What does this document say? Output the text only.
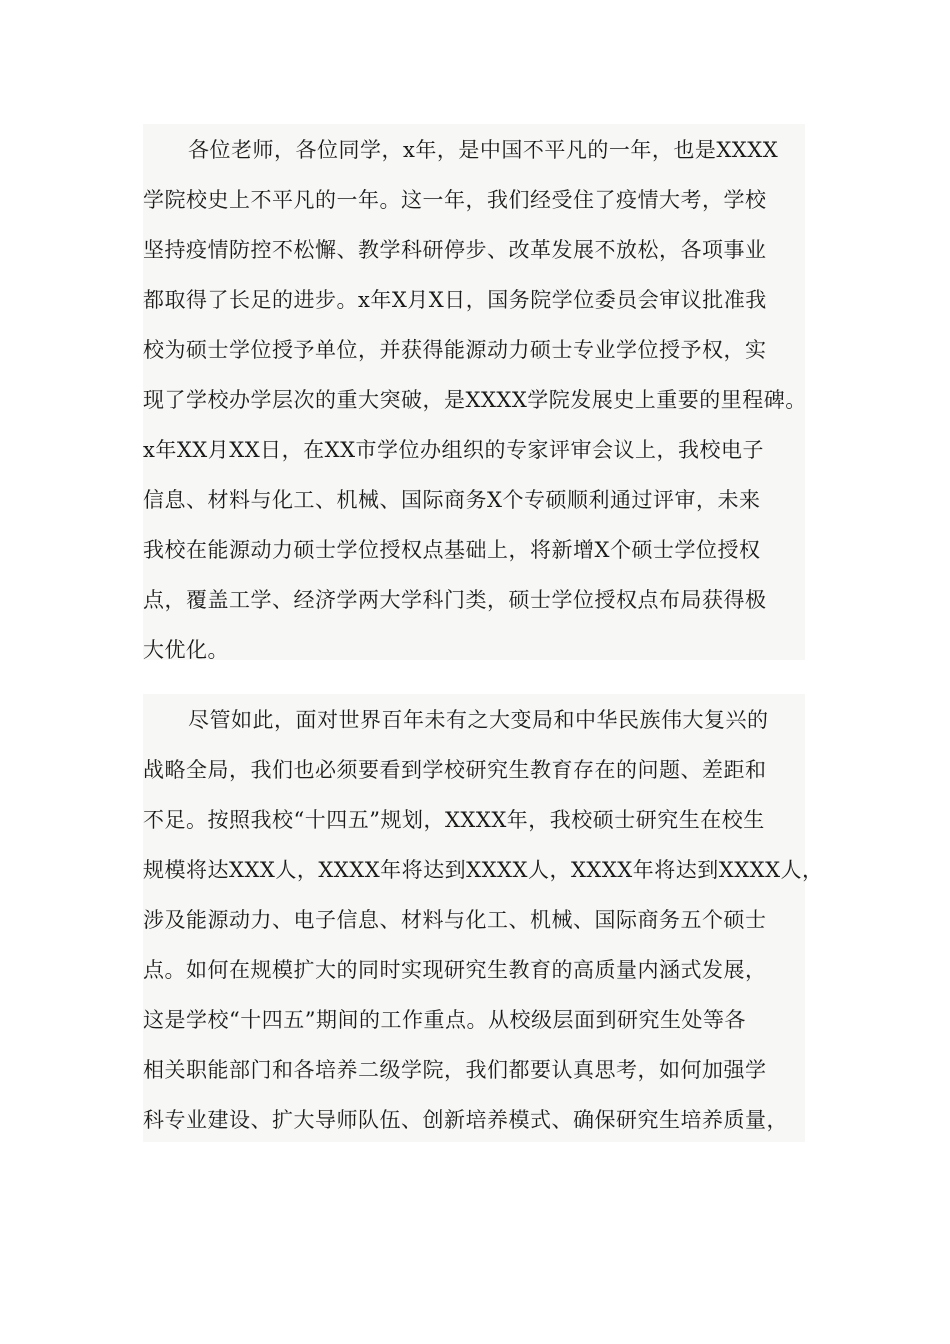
各位老师，各位同学，x年，是中国不平凡的一年，也是XXXX
学院校史上不平凡的一年。这一年，我们经受住了疫情大考，学校
坚持疫情防控不松懈、教学科研停步、改革发展不放松，各项事业
都取得了长足的进步。x年X月X日，国务院学位委员会审议批准我
校为硕士学位授予单位，并获得能源动力硕士专业学位授予权，实
现了学校办学层次的重大突破，是XXXX学院发展史上重要的里程碑。
x年XX月XX日，在XX市学位办组织的专家评审会议上，我校电子
信息、材料与化工、机械、国际商务X个专硕顺利通过评审，未来
我校在能源动力硕士学位授权点基础上，将新增X个硕士学位授权
点，覆盖工学、经济学两大学科门类，硕士学位授权点布局获得极
大优化。
尽管如此，面对世界百年未有之大变局和中华民族伟大复兴的
战略全局，我们也必须要看到学校研究生教育存在的问题、差距和
不足。按照我校“十四五”规划，XXXX年，我校硕士研究生在校生
规模将达XXX人，XXXX年将达到XXXX人，XXXX年将达到XXXX人，
涉及能源动力、电子信息、材料与化工、机械、国际商务五个硕士
点。如何在规模扩大的同时实现研究生教育的高质量内涵式发展，
这是学校“十四五”期间的工作重点。从校级层面到研究生处等各
相关职能部门和各培养二级学院，我们都要认真思考，如何加强学
科专业建设、扩大导师队伍、创新培养模式、确保研究生培养质量，
